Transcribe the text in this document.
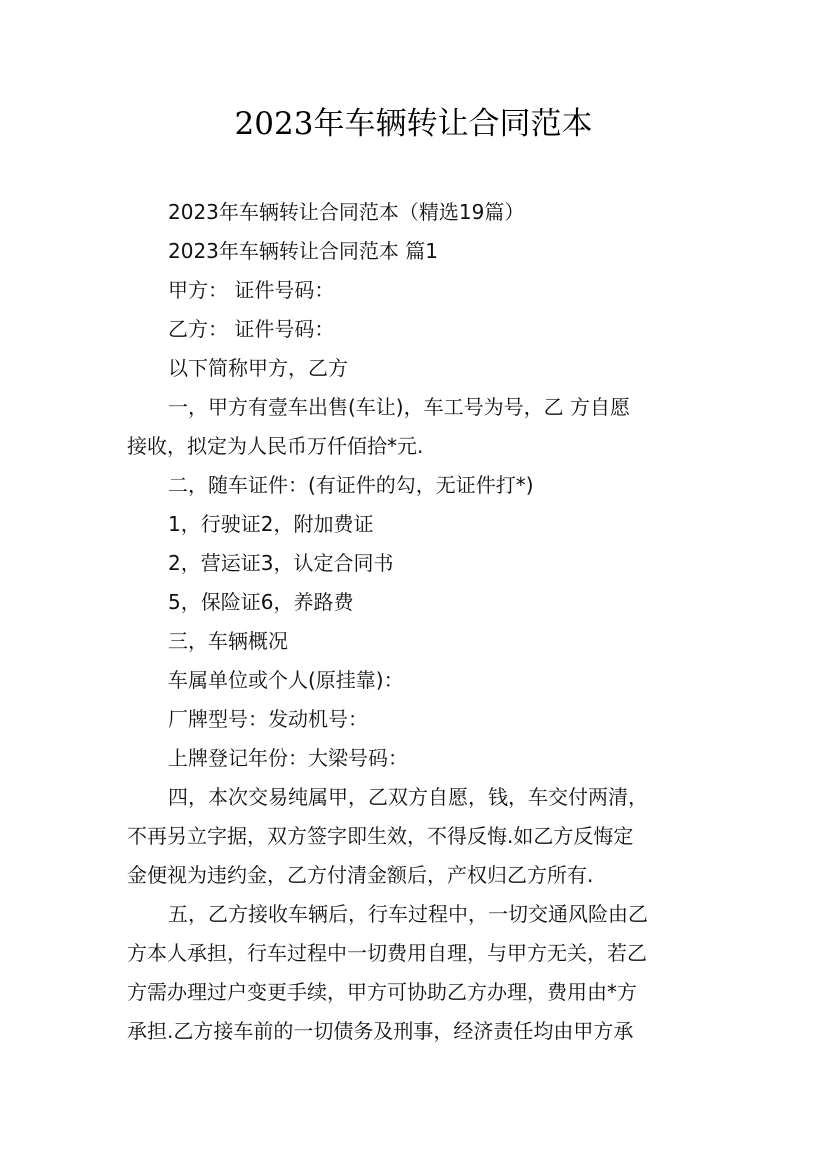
2023年车辆转让合同范本
2023年车辆转让合同范本（精选19篇）
2023年车辆转让合同范本 篇1
甲方： 证件号码：
乙方： 证件号码：
以下简称甲方，乙方
一，甲方有壹车出售(车让)，车工号为号，乙 方自愿
接收，拟定为人民币万仟佰拾*元.
二，随车证件：(有证件的勾，无证件打*)
1，行驶证2，附加费证
2，营运证3，认定合同书
5，保险证6，养路费
三，车辆概况
车属单位或个人(原挂靠)：
厂牌型号：发动机号：
上牌登记年份：大梁号码：
四，本次交易纯属甲，乙双方自愿，钱，车交付两清，
不再另立字据，双方签字即生效，不得反悔.如乙方反悔定
金便视为违约金，乙方付清金额后，产权归乙方所有.
五，乙方接收车辆后，行车过程中，一切交通风险由乙
方本人承担，行车过程中一切费用自理，与甲方无关，若乙
方需办理过户变更手续，甲方可协助乙方办理，费用由*方
承担.乙方接车前的一切债务及刑事，经济责任均由甲方承
